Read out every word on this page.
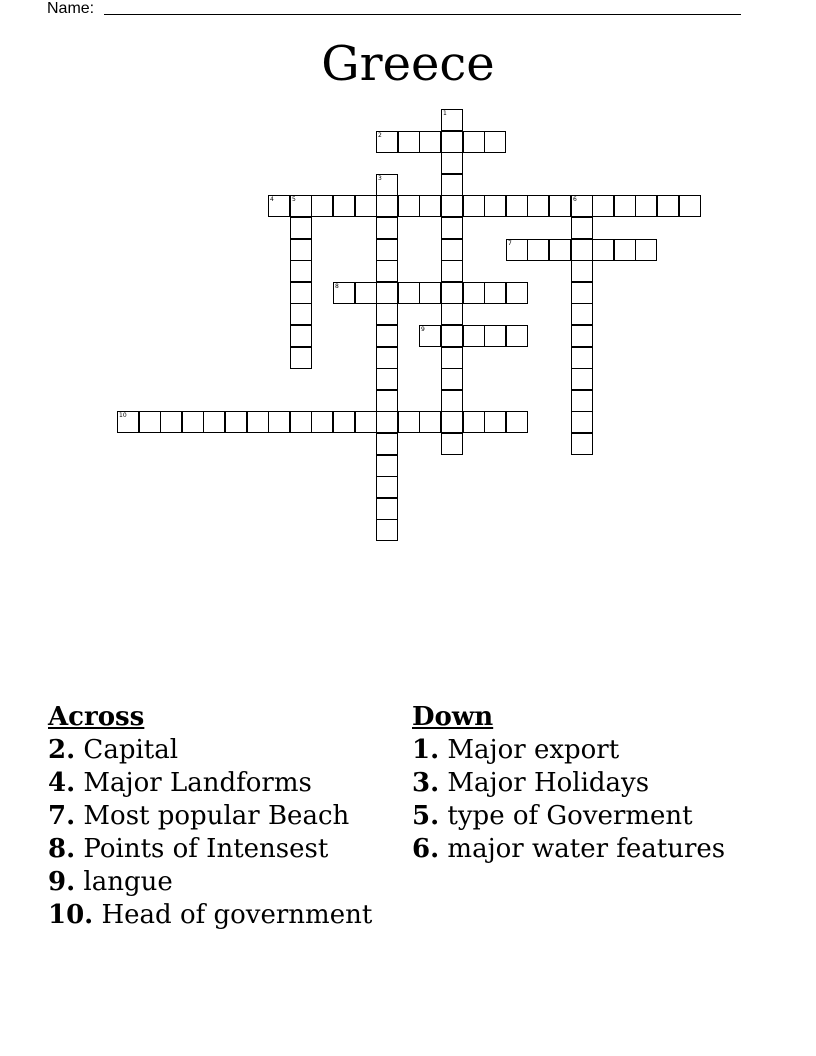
Name:
Greece
1
2
3
4	5	6
7
8
9
10
Across
2. Capital
4. Major Landforms
7. Most popular Beach
8. Points of Intensest
9. langue
10. Head of government
Down
1. Major export
3. Major Holidays
5. type of Goverment
6. major water features
